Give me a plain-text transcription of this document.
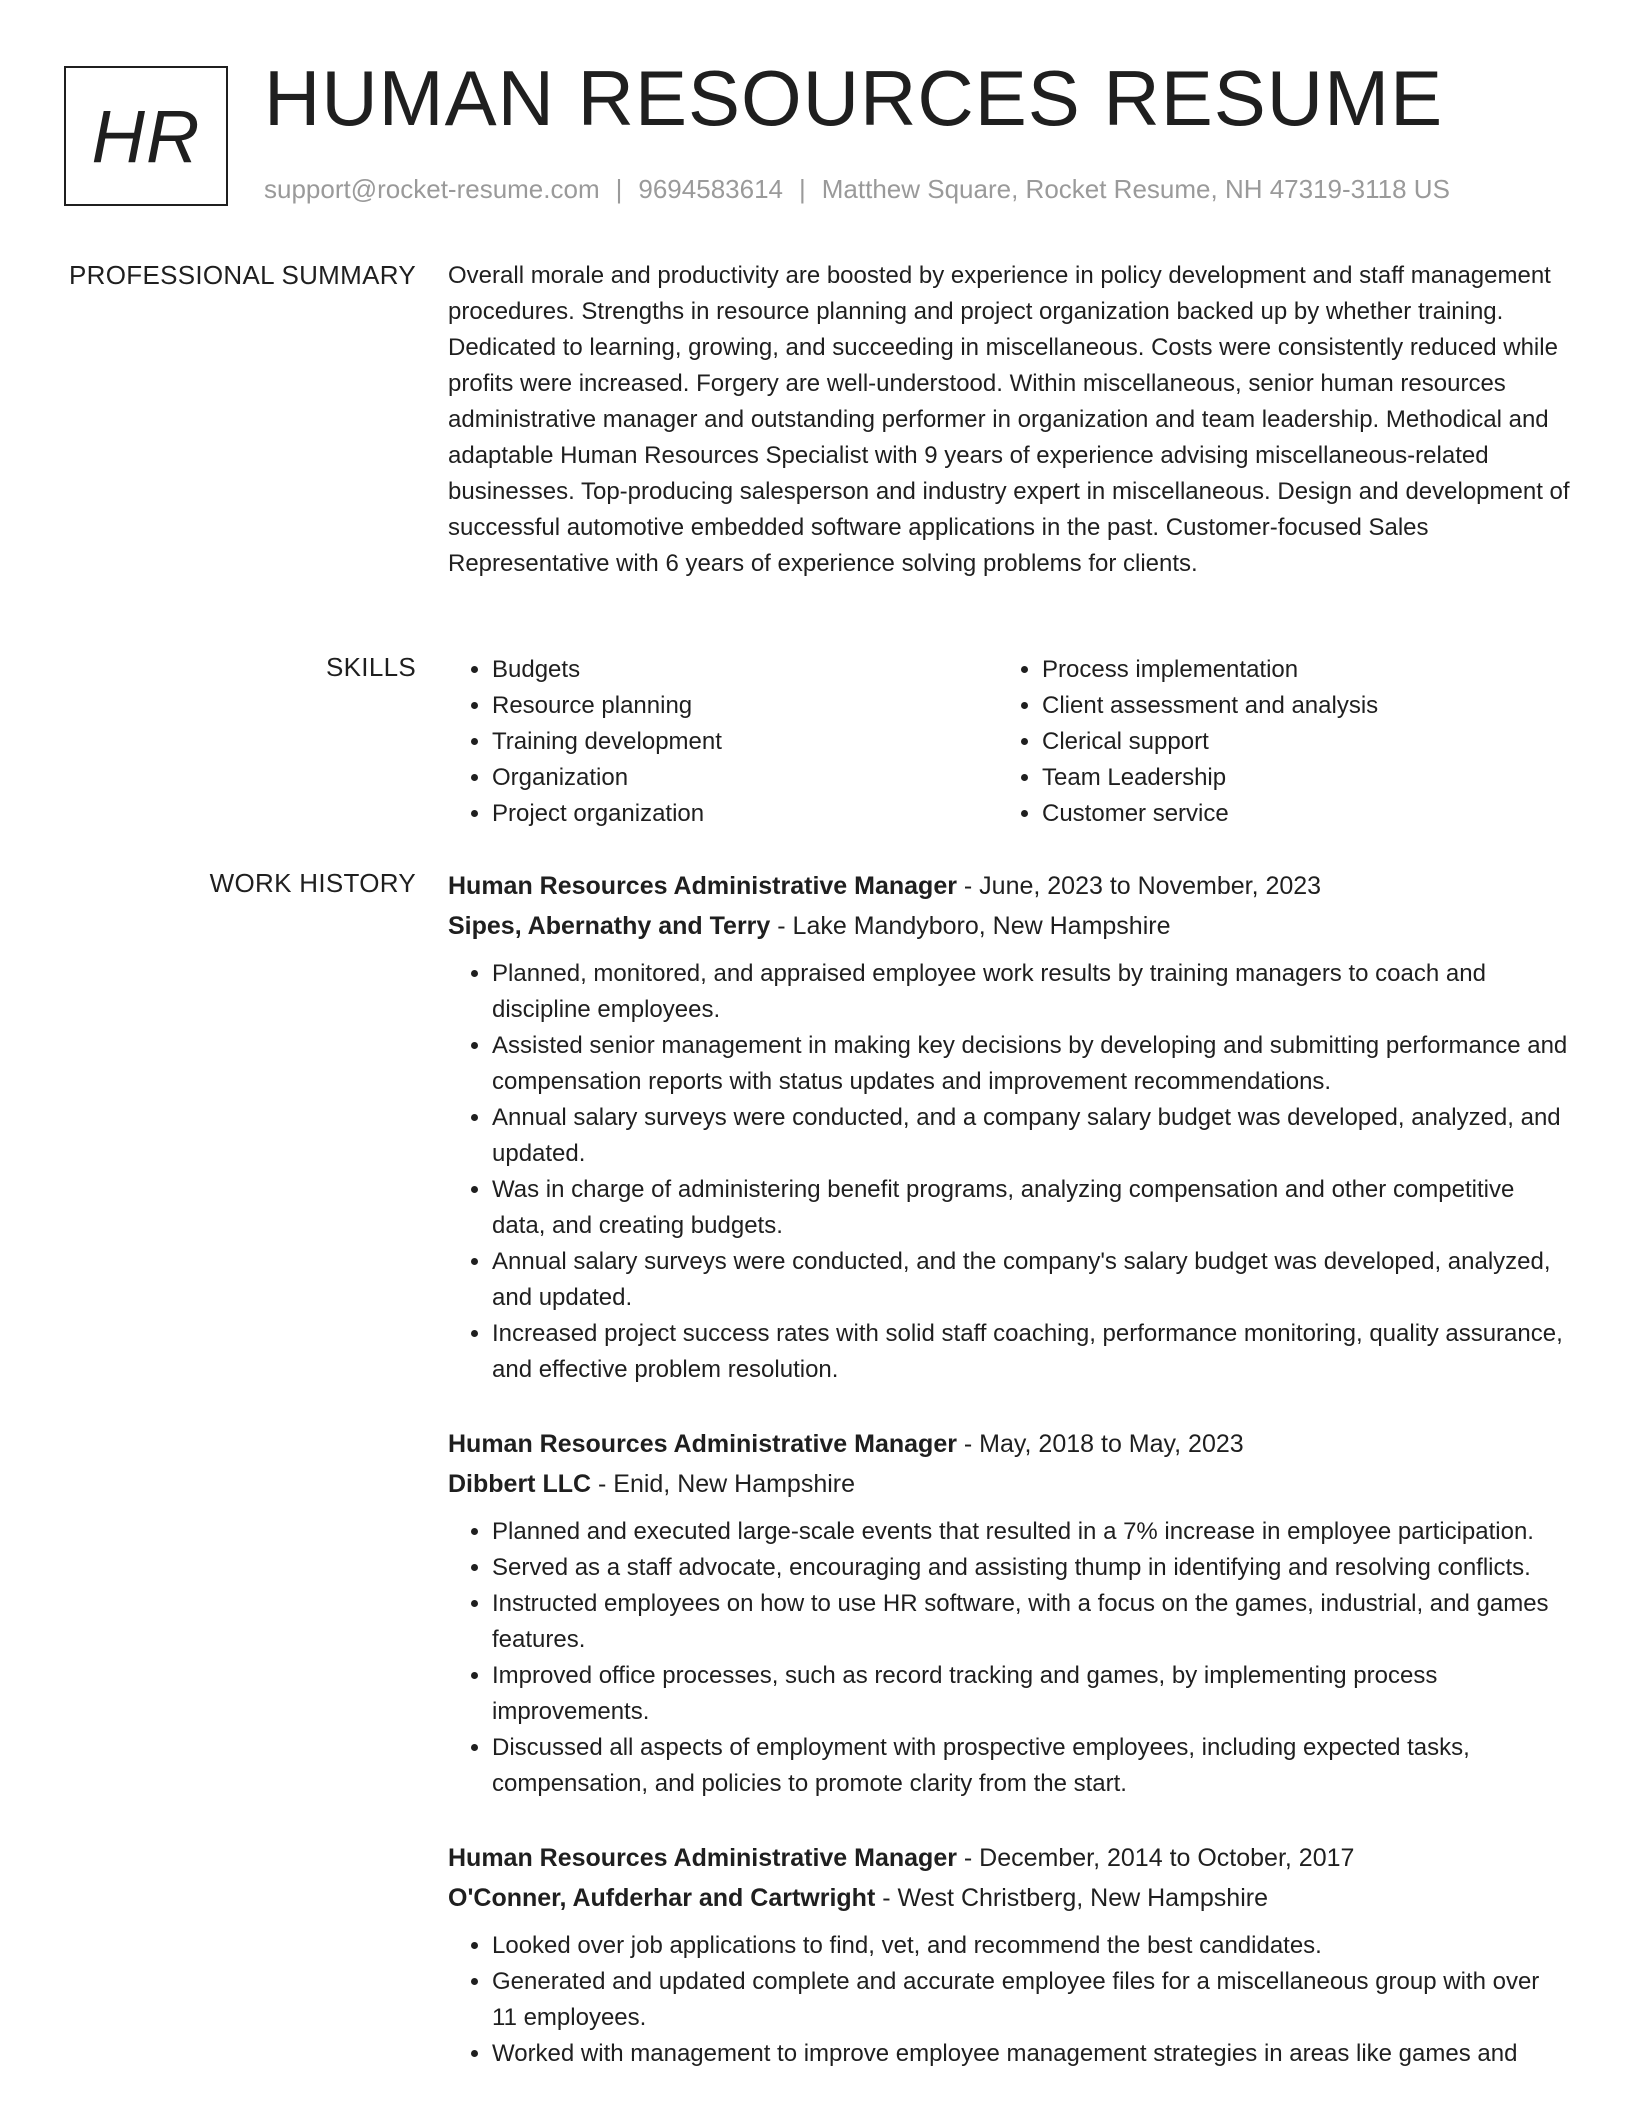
HR HUMAN RESOURCES RESUME
support@rocket-resume.com | 9694583614 | Matthew Square, Rocket Resume, NH 47319-3118 US
PROFESSIONAL SUMMARY Overall morale and productivity are boosted by experience in policy development and staff management procedures. Strengths in resource planning and project organization backed up by whether training. Dedicated to learning, growing, and succeeding in miscellaneous. Costs were consistently reduced while profits were increased. Forgery are well-understood. Within miscellaneous, senior human resources administrative manager and outstanding performer in organization and team leadership. Methodical and adaptable Human Resources Specialist with 9 years of experience advising miscellaneous-related businesses. Top-producing salesperson and industry expert in miscellaneous. Design and development of successful automotive embedded software applications in the past. Customer-focused Sales Representative with 6 years of experience solving problems for clients.

SKILLS
•	Budgets
• Resource planning
• Training development
• Organization
• Project organization
• Process implementation
• Client assessment and analysis
• Clerical support
• Team Leadership
• Customer service
WORK HISTORY Human Resources Administrative Manager - June, 2023 to November, 2023
Sipes, Abernathy and Terry - Lake Mandyboro, New Hampshire
• Planned, monitored, and appraised employee work results by training managers to coach and discipline employees.
• Assisted senior management in making key decisions by developing and submitting performance and compensation reports with status updates and improvement recommendations.
• Annual salary surveys were conducted, and a company salary budget was developed, analyzed, and updated.
• Was in charge of administering benefit programs, analyzing compensation and other competitive data, and creating budgets.
• Annual salary surveys were conducted, and the company's salary budget was developed, analyzed, and updated.
• Increased project success rates with solid staff coaching, performance monitoring, quality assurance, and effective problem resolution.
Human Resources Administrative Manager - May, 2018 to May, 2023
Dibbert LLC - Enid, New Hampshire
• Planned and executed large-scale events that resulted in a 7% increase in employee participation.
• Served as a staff advocate, encouraging and assisting thump in identifying and resolving conflicts.
• Instructed employees on how to use HR software, with a focus on the games, industrial, and games features.
• Improved office processes, such as record tracking and games, by implementing process improvements.
• Discussed all aspects of employment with prospective employees, including expected tasks, compensation, and policies to promote clarity from the start.
Human Resources Administrative Manager - December, 2014 to October, 2017
O'Conner, Aufderhar and Cartwright - West Christberg, New Hampshire
• Looked over job applications to find, vet, and recommend the best candidates.
• Generated and updated complete and accurate employee files for a miscellaneous group with over 11 employees.
• Worked with management to improve employee management strategies in areas like games and
